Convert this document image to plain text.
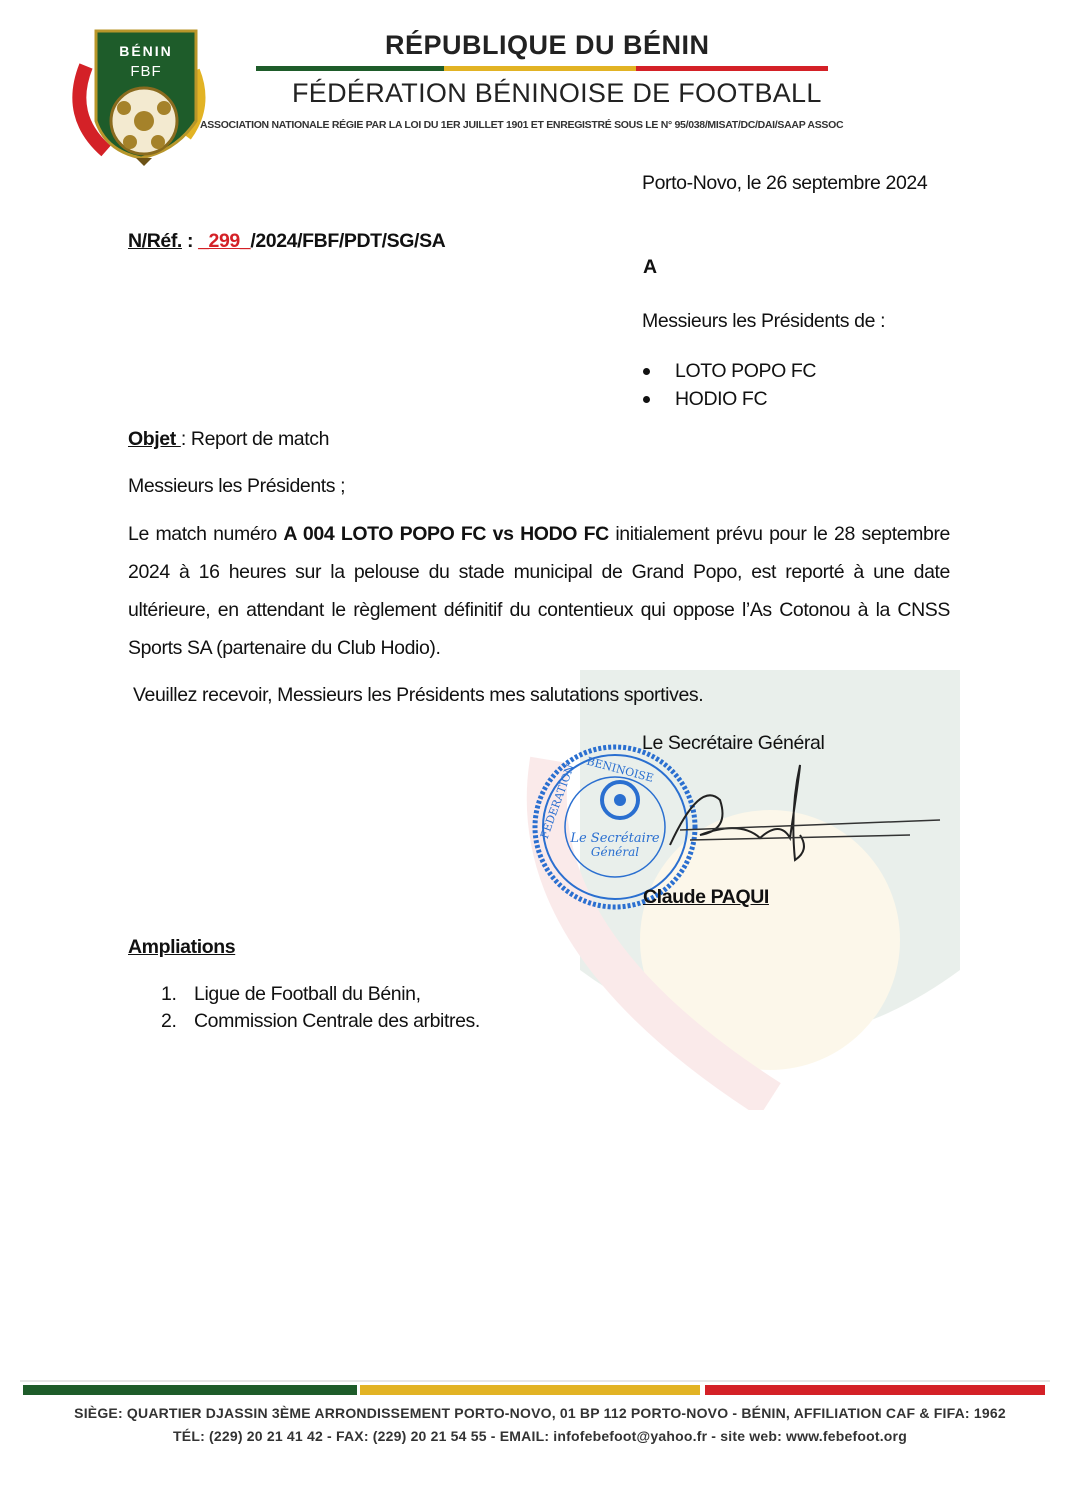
BÉNIN
FBF
RÉPUBLIQUE DU BÉNIN
FÉDÉRATION BÉNINOISE DE FOOTBALL
ASSOCIATION NATIONALE RÉGIE PAR LA LOI DU 1ER JUILLET 1901 ET ENREGISTRÉ SOUS LE N° 95/038/MISAT/DC/DAI/SAAP ASSOC
Porto-Novo, le 26 septembre 2024
N/Réf. : _299_/2024/FBF/PDT/SG/SA
A
Messieurs les Présidents de :
LOTO POPO FC
HODIO FC
Objet : Report de match
Messieurs les Présidents ;
Le match numéro A 004 LOTO POPO FC vs HODO FC initialement prévu pour le 28 septembre 2024 à 16 heures sur la pelouse du stade municipal de Grand Popo, est reporté à une date ultérieure, en attendant le règlement définitif du contentieux qui oppose l’As Cotonou à la CNSS Sports SA (partenaire du Club Hodio).
Veuillez recevoir, Messieurs les Présidents mes salutations sportives.
Le Secrétaire
Général
FEDERATION BENINOISE
Le Secrétaire Général
Claude PAQUI
Ampliations
1. Ligue de Football du Bénin,
2. Commission Centrale des arbitres.
SIÈGE: QUARTIER DJASSIN 3ÈME ARRONDISSEMENT PORTO-NOVO, 01 BP 112 PORTO-NOVO - BÉNIN, AFFILIATION CAF & FIFA: 1962
TÉL: (229) 20 21 41 42 - FAX: (229) 20 21 54 55 - EMAIL: infofebefoot@yahoo.fr - site web: www.febefoot.org
